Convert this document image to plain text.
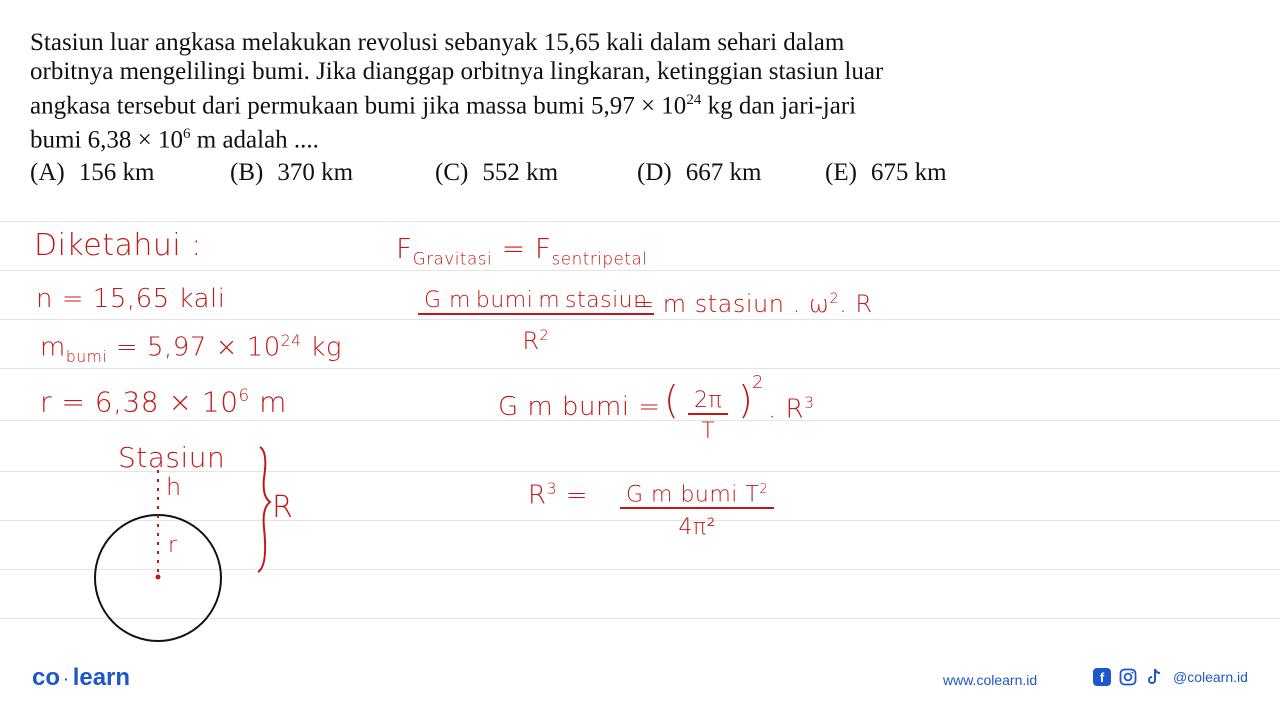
Stasiun luar angkasa melakukan revolusi sebanyak 15,65 kali dalam sehari dalam

orbitnya mengelilingi bumi. Jika dianggap orbitnya lingkaran, ketinggian stasiun luar

angkasa tersebut dari permukaan bumi jika massa bumi $5,97 \times 10^{24}$ kg dan jari-jari

bumi $6,38 \times 10^6$ m adalah ....

(A) 156 km	(B) 370 km	(C) 552 km	(D) 667 km	(E) 675 km
Diketahui :
n = 15,65 kali
$m_{bumi} = 5,97 \times 10^{24}$ kg
$r = 6,38 \times 10^6$ m
Stasiun
h
r
R
$F_{Gravitasi} = F_{sentripetal}$
$\frac{\text{G m bumi m stasiun}}{R^2}$
= m stasiun . $\omega^2$. R
G m bumi = ( $\frac{2\pi}{T}$ )
2
. $R^3$
$R^3 = \frac{G m bumi T^2}{\text{4π²}}$
co · learn	www.colearn.id	f	@colearn.id
